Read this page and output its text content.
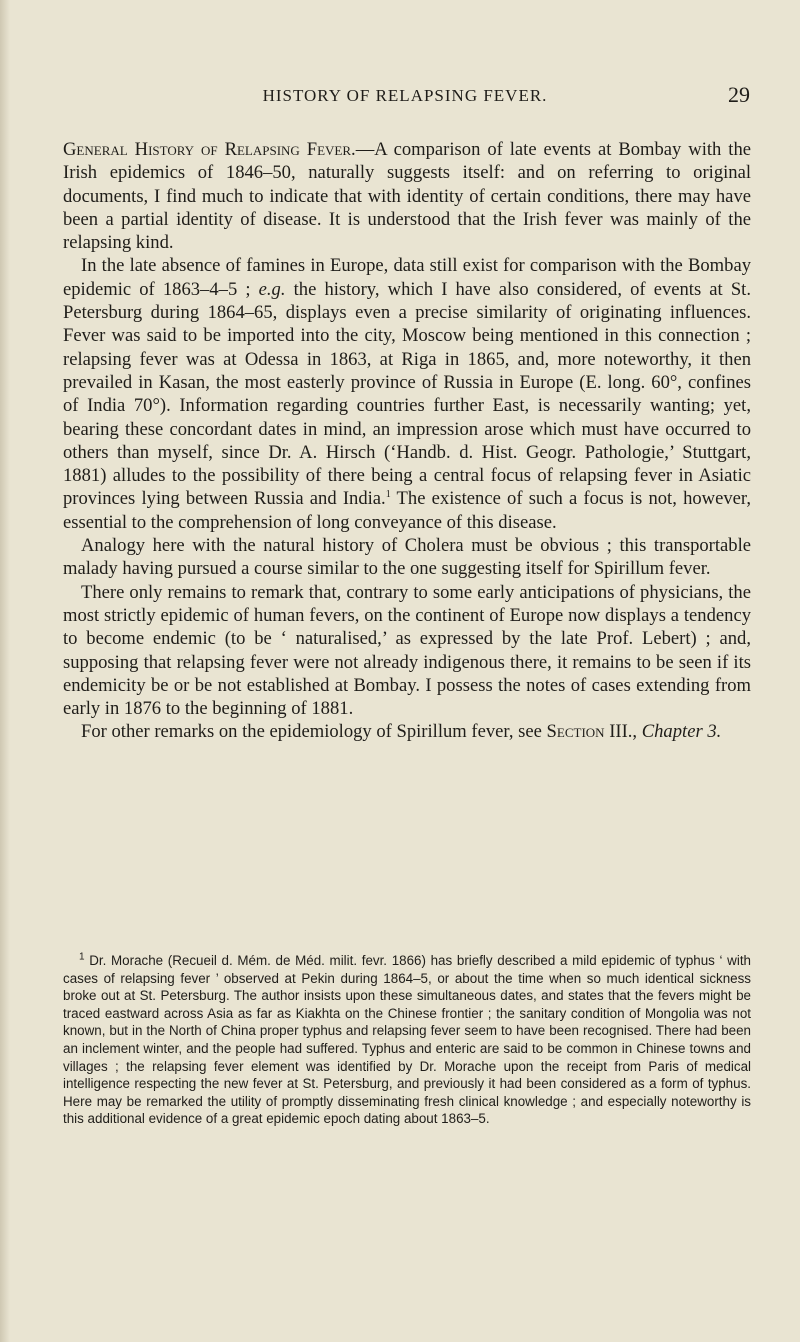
HISTORY OF RELAPSING FEVER.	29

General History of Relapsing Fever.—A comparison of late events at Bombay with the Irish epidemics of 1846–50, naturally suggests itself: and on referring to original documents, I find much to indicate that with identity of certain conditions, there may have been a partial identity of disease. It is understood that the Irish fever was mainly of the relapsing kind.

In the late absence of famines in Europe, data still exist for comparison with the Bombay epidemic of 1863–4–5 ; e.g. the history, which I have also considered, of events at St. Petersburg during 1864–65, displays even a precise similarity of originating influences. Fever was said to be imported into the city, Moscow being mentioned in this connection ; relapsing fever was at Odessa in 1863, at Riga in 1865, and, more noteworthy, it then prevailed in Kasan, the most easterly province of Russia in Europe (E. long. 60°, confines of India 70°). Information regarding countries further East, is necessarily wanting; yet, bearing these concordant dates in mind, an impression arose which must have occurred to others than myself, since Dr. A. Hirsch (‘Handb. d. Hist. Geogr. Pathologie,’ Stuttgart, 1881) alludes to the possibility of there being a central focus of relapsing fever in Asiatic provinces lying between Russia and India.$^1$ The existence of such a focus is not, however, essential to the comprehension of long conveyance of this disease.

Analogy here with the natural history of Cholera must be obvious ; this transportable malady having pursued a course similar to the one suggesting itself for Spirillum fever.

There only remains to remark that, contrary to some early anticipations of physicians, the most strictly epidemic of human fevers, on the continent of Europe now displays a tendency to become endemic (to be ‘ naturalised,’ as expressed by the late Prof. Lebert) ; and, supposing that relapsing fever were not already indigenous there, it remains to be seen if its endemicity be or be not established at Bombay. I possess the notes of cases extending from early in 1876 to the beginning of 1881.

For other remarks on the epidemiology of Spirillum fever, see Section III., Chapter 3.

$^1$ Dr. Morache (Recueil d. Mém. de Méd. milit. fevr. 1866) has briefly described a mild epidemic of typhus ‘ with cases of relapsing fever ’ observed at Pekin during 1864–5, or about the time when so much identical sickness broke out at St. Petersburg. The author insists upon these simultaneous dates, and states that the fevers might be traced eastward across Asia as far as Kiakhta on the Chinese frontier ; the sanitary condition of Mongolia was not known, but in the North of China proper typhus and relapsing fever seem to have been recognised. There had been an inclement winter, and the people had suffered. Typhus and enteric are said to be common in Chinese towns and villages ; the relapsing fever element was identified by Dr. Morache upon the receipt from Paris of medical intelligence respecting the new fever at St. Petersburg, and previously it had been considered as a form of typhus. Here may be remarked the utility of promptly disseminating fresh clinical knowledge ; and especially noteworthy is this additional evidence of a great epidemic epoch dating about 1863–5.
